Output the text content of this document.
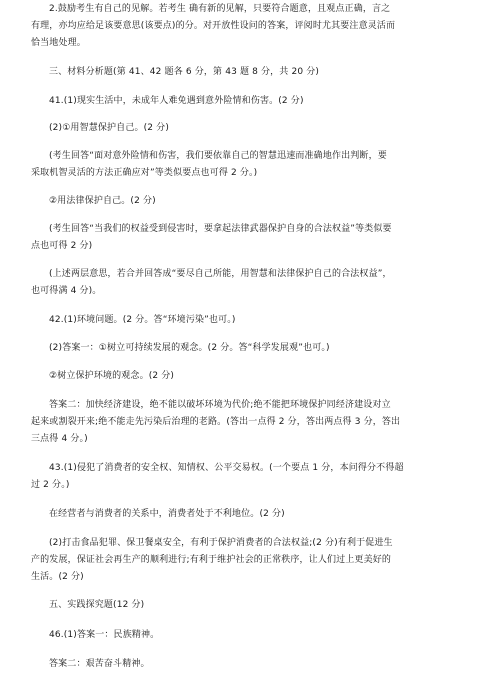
2.鼓励考生有自己的见解。若考生 确有新的见解，只要符合题意，且观点正确，言之
有理，亦均应给足该要意思(该要点)的分。对开放性设问的答案，评阅时尤其要注意灵活而
恰当地处理。
三、材料分析题(第 41、42 题各 6 分，第 43 题 8 分，共 20 分)
41.(1)现实生活中，未成年人难免遇到意外险情和伤害。(2 分)
(2)①用智慧保护自己。(2 分)
(考生回答“面对意外险情和伤害，我们要依靠自己的智慧迅速而准确地作出判断，要
采取机智灵活的方法正确应对”等类似要点也可得 2 分。)
②用法律保护自己。(2 分)
(考生回答“当我们的权益受到侵害时，要拿起法律武器保护自身的合法权益”等类似要
点也可得 2 分)
(上述两层意思，若合并回答成“要尽自己所能，用智慧和法律保护自己的合法权益”，
也可得满 4 分)。
42.(1)环境问题。(2 分。答“环境污染”也可。)
(2)答案一：①树立可持续发展的观念。(2 分。答“科学发展观”也可。)
②树立保护环境的观念。(2 分)
答案二：加快经济建设，绝不能以破坏环境为代价;绝不能把环境保护同经济建设对立
起来或割裂开来;绝不能走先污染后治理的老路。(答出一点得 2 分，答出两点得 3 分，答出
三点得 4 分。)
43.(1)侵犯了消费者的安全权、知情权、公平交易权。(一个要点 1 分，本问得分不得超
过 2 分。)
在经营者与消费者的关系中，消费者处于不利地位。(2 分)
(2)打击食品犯罪、保卫餐桌安全，有利于保护消费者的合法权益;(2 分)有利于促进生
产的发展，保证社会再生产的顺利进行;有利于维护社会的正常秩序，让人们过上更美好的
生活。(2 分)
五、实践探究题(12 分)
46.(1)答案一：民族精神。
答案二：艰苦奋斗精神。
